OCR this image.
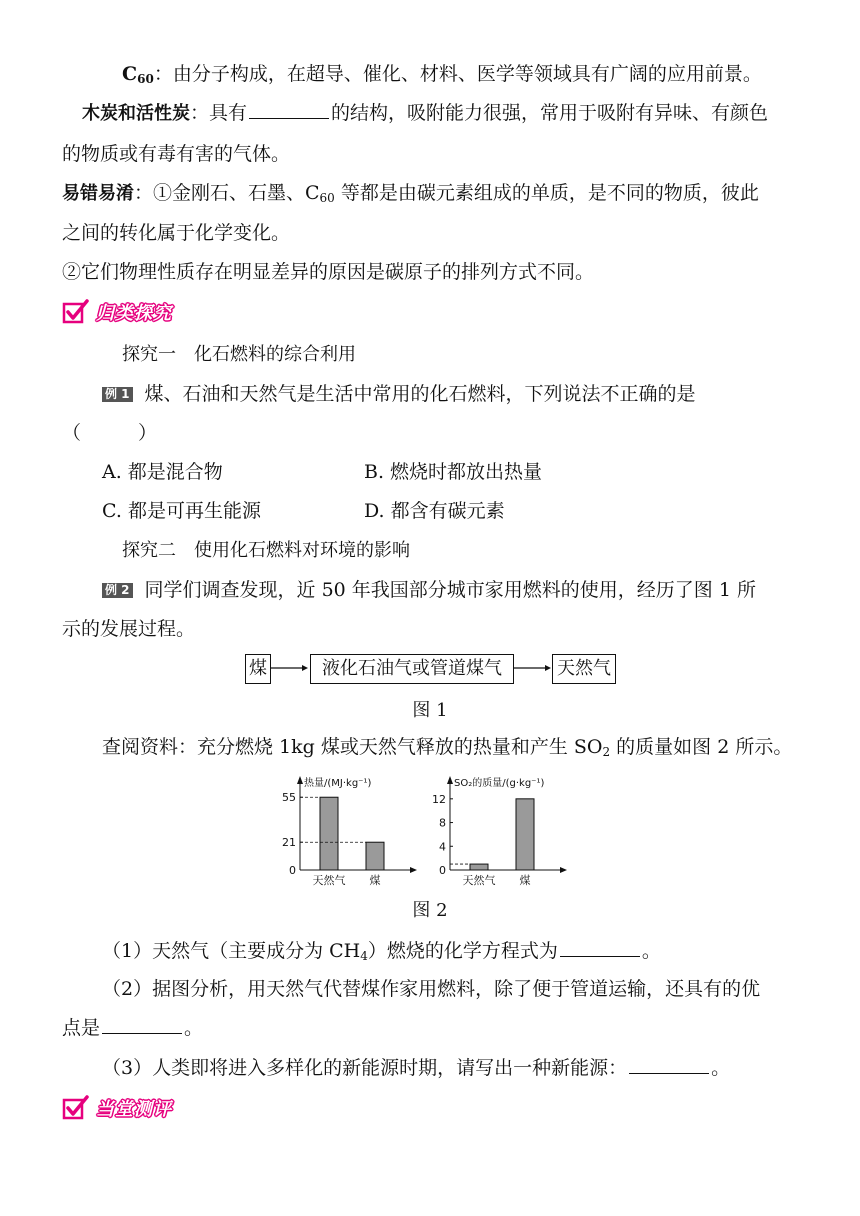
$C_{60}$：由分子构成，在超导、催化、材料、医学等领域具有广阔的应用前景。
木炭和活性炭：具有	的结构，吸附能力很强，常用于吸附有异味、有颜色
的物质或有毒有害的气体。
易错易淆：①金刚石、石墨、$C_{60}$ 等都是由碳元素组成的单质，是不同的物质，彼此
之间的转化属于化学变化。
②它们物理性质存在明显差异的原因是碳原子的排列方式不同。
归类探究
探究一　化石燃料的综合利用
例 1 煤、石油和天然气是生活中常用的化石燃料，下列说法不正确的是
（　　　）
A. 都是混合物	B. 燃烧时都放出热量
C. 都是可再生能源	D. 都含有碳元素
探究二　使用化石燃料对环境的影响
例 2 同学们调查发现，近 50 年我国部分城市家用燃料的使用，经历了图 1 所
示的发展过程。
煤	液化石油气或管道煤气	天然气
图 1
查阅资料：充分燃烧 1kg 煤或天然气释放的热量和产生 $SO_2$ 的质量如图 2 所示。
热量/(MJ·kg⁻¹)
0
21
55
天然气 煤
SO₂的质量/(g·kg⁻¹)
0
4
8
12
天然气 煤
图 2
（1）天然气（主要成分为 $CH_4$）燃烧的化学方程式为	。
（2）据图分析，用天然气代替煤作家用燃料，除了便于管道运输，还具有的优
点是	。
（3）人类即将进入多样化的新能源时期，请写出一种新能源：	。
当堂测评
